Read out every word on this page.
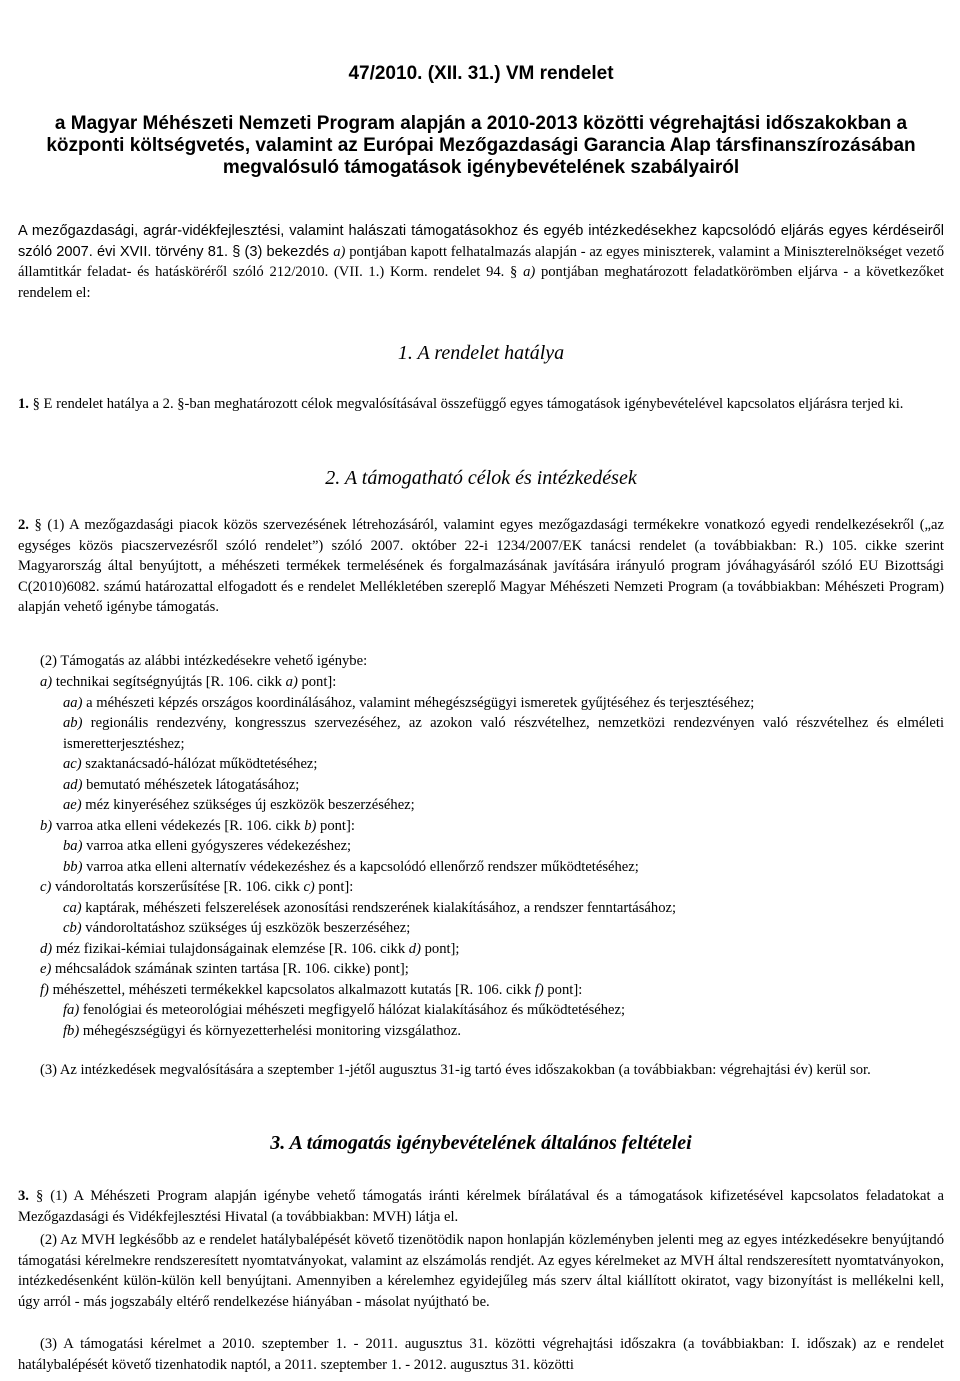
47/2010. (XII. 31.) VM rendelet
a Magyar Méhészeti Nemzeti Program alapján a 2010-2013 közötti végrehajtási időszakokban a központi költségvetés, valamint az Európai Mezőgazdasági Garancia Alap társfinanszírozásában megvalósuló támogatások igénybevételének szabályairól
A mezőgazdasági, agrár-vidékfejlesztési, valamint halászati támogatásokhoz és egyéb intézkedésekhez kapcsolódó eljárás egyes kérdéseiről szóló 2007. évi XVII. törvény 81. § (3) bekezdés a) pontjában kapott felhatalmazás alapján - az egyes miniszterek, valamint a Miniszterelnökséget vezető államtitkár feladat- és hatásköréről szóló 212/2010. (VII. 1.) Korm. rendelet 94. § a) pontjában meghatározott feladatkörömben eljárva - a következőket rendelem el:
1. A rendelet hatálya

1. § E rendelet hatálya a 2. §-ban meghatározott célok megvalósításával összefüggő egyes támogatások igénybevételével kapcsolatos eljárásra terjed ki.

2. A támogatható célok és intézkedések

2. § (1) A mezőgazdasági piacok közös szervezésének létrehozásáról, valamint egyes mezőgazdasági termékekre vonatkozó egyedi rendelkezésekről („az egységes közös piacszervezésről szóló rendelet”) szóló 2007. október 22-i 1234/2007/EK tanácsi rendelet (a továbbiakban: R.) 105. cikke szerint Magyarország által benyújtott, a méhészeti termékek termelésének és forgalmazásának javítására irányuló program jóváhagyásáról szóló EU Bizottsági C(2010)6082. számú határozattal elfogadott és e rendelet Mellékletében szereplő Magyar Méhészeti Nemzeti Program (a továbbiakban: Méhészeti Program) alapján vehető igénybe támogatás.

(2) Támogatás az alábbi intézkedésekre vehető igénybe:

a) technikai segítségnyújtás [R. 106. cikk a) pont]:
aa) a méhészeti képzés országos koordinálásához, valamint méhegészségügyi ismeretek gyűjtéséhez és terjesztéséhez;
ab) regionális rendezvény, kongresszus szervezéséhez, az azokon való részvételhez, nemzetközi rendezvényen való részvételhez és elméleti ismeretterjesztéshez;
ac) szaktanácsadó-hálózat működtetéséhez;
ad) bemutató méhészetek látogatásához;
ae) méz kinyeréséhez szükséges új eszközök beszerzéséhez;
b) varroa atka elleni védekezés [R. 106. cikk b) pont]:
ba) varroa atka elleni gyógyszeres védekezéshez;
bb) varroa atka elleni alternatív védekezéshez és a kapcsolódó ellenőrző rendszer működtetéséhez;
c) vándoroltatás korszerűsítése [R. 106. cikk c) pont]:
ca) kaptárak, méhészeti felszerelések azonosítási rendszerének kialakításához, a rendszer fenntartásához;
cb) vándoroltatáshoz szükséges új eszközök beszerzéséhez;
d) méz fizikai-kémiai tulajdonságainak elemzése [R. 106. cikk d) pont];
e) méhcsaládok számának szinten tartása [R. 106. cikke) pont];
f) méhészettel, méhészeti termékekkel kapcsolatos alkalmazott kutatás [R. 106. cikk f) pont]:
fa) fenológiai és meteorológiai méhészeti megfigyelő hálózat kialakításához és működtetéséhez;
fb) méhegészségügyi és környezetterhelési monitoring vizsgálathoz.

(3) Az intézkedések megvalósítására a szeptember 1-jétől augusztus 31-ig tartó éves időszakokban (a továbbiakban: végrehajtási év) kerül sor.

3. A támogatás igénybevételének általános feltételei

3. § (1) A Méhészeti Program alapján igénybe vehető támogatás iránti kérelmek bírálatával és a támogatások kifizetésével kapcsolatos feladatokat a Mezőgazdasági és Vidékfejlesztési Hivatal (a továbbiakban: MVH) látja el.

(2) Az MVH legkésőbb az e rendelet hatálybalépését követő tizenötödik napon honlapján közleményben jelenti meg az egyes intézkedésekre benyújtandó támogatási kérelmekre rendszeresített nyomtatványokat, valamint az elszámolás rendjét. Az egyes kérelmeket az MVH által rendszeresített nyomtatványokon, intézkedésenként külön-külön kell benyújtani. Amennyiben a kérelemhez egyidejűleg más szerv által kiállított okiratot, vagy bizonyítást is mellékelni kell, úgy arról - más jogszabály eltérő rendelkezése hiányában - másolat nyújtható be.

(3) A támogatási kérelmet a 2010. szeptember 1. - 2011. augusztus 31. közötti végrehajtási időszakra (a továbbiakban: I. időszak) az e rendelet hatálybalépését követő tizenhatodik naptól, a 2011. szeptember 1. - 2012. augusztus 31. közötti
